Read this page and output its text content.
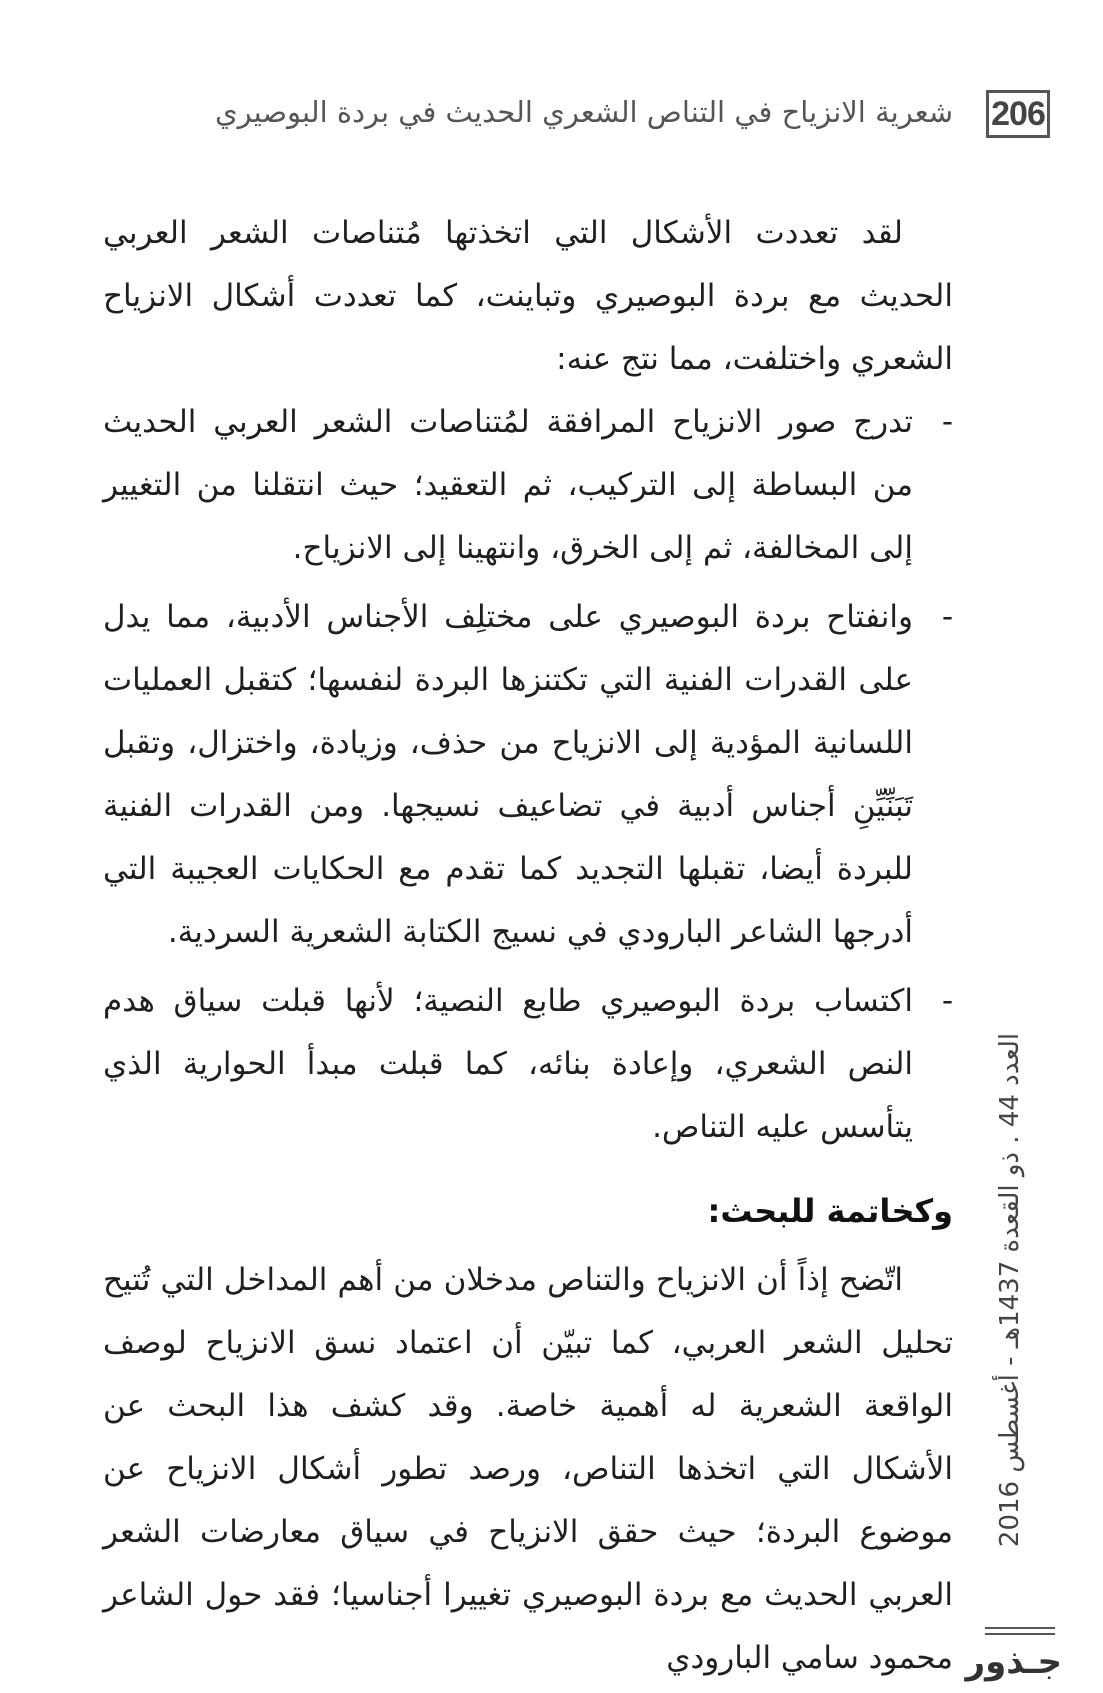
206
شعرية الانزياح في التناص الشعري الحديث في بردة البوصيري

لقد تعددت الأشكال التي اتخذتها مُتناصات الشعر العربي الحديث مع بردة البوصيري وتباينت، كما تعددت أشكال الانزياح الشعري واختلفت، مما نتج عنه:

-
تدرج صور الانزياح المرافقة لمُتناصات الشعر العربي الحديث من البساطة إلى التركيب، ثم التعقيد؛ حيث انتقلنا من التغيير إلى المخالفة، ثم إلى الخرق، وانتهينا إلى الانزياح.
-
وانفتاح بردة البوصيري على مختلِف الأجناس الأدبية، مما يدل على القدرات الفنية التي تكتنزها البردة لنفسها؛ كتقبل العمليات اللسانية المؤدية إلى الانزياح من حذف، وزيادة، واختزال، وتقبل تَبَنِّيِّنِ أجناس أدبية في تضاعيف نسيجها. ومن القدرات الفنية للبردة أيضا، تقبلها التجديد كما تقدم مع الحكايات العجيبة التي أدرجها الشاعر البارودي في نسيج الكتابة الشعرية السردية.
-
اكتساب بردة البوصيري طابع النصية؛ لأنها قبلت سياق هدم النص الشعري، وإعادة بنائه، كما قبلت مبدأ الحوارية الذي يتأسس عليه التناص.
وكخاتمة للبحث:

اتّضح إذاً أن الانزياح والتناص مدخلان من أهم المداخل التي تُتيح تحليل الشعر العربي، كما تبيّن أن اعتماد نسق الانزياح لوصف الواقعة الشعرية له أهمية خاصة. وقد كشف هذا البحث عن الأشكال التي اتخذها التناص، ورصد تطور أشكال الانزياح عن موضوع البردة؛ حيث حقق الانزياح في سياق معارضات الشعر العربي الحديث مع بردة البوصيري تغييرا أجناسيا؛ فقد حول الشاعر محمود سامي البارودي

العدد 44 . ذو القعدة 1437هـ - أغسطس 2016
جـذور
